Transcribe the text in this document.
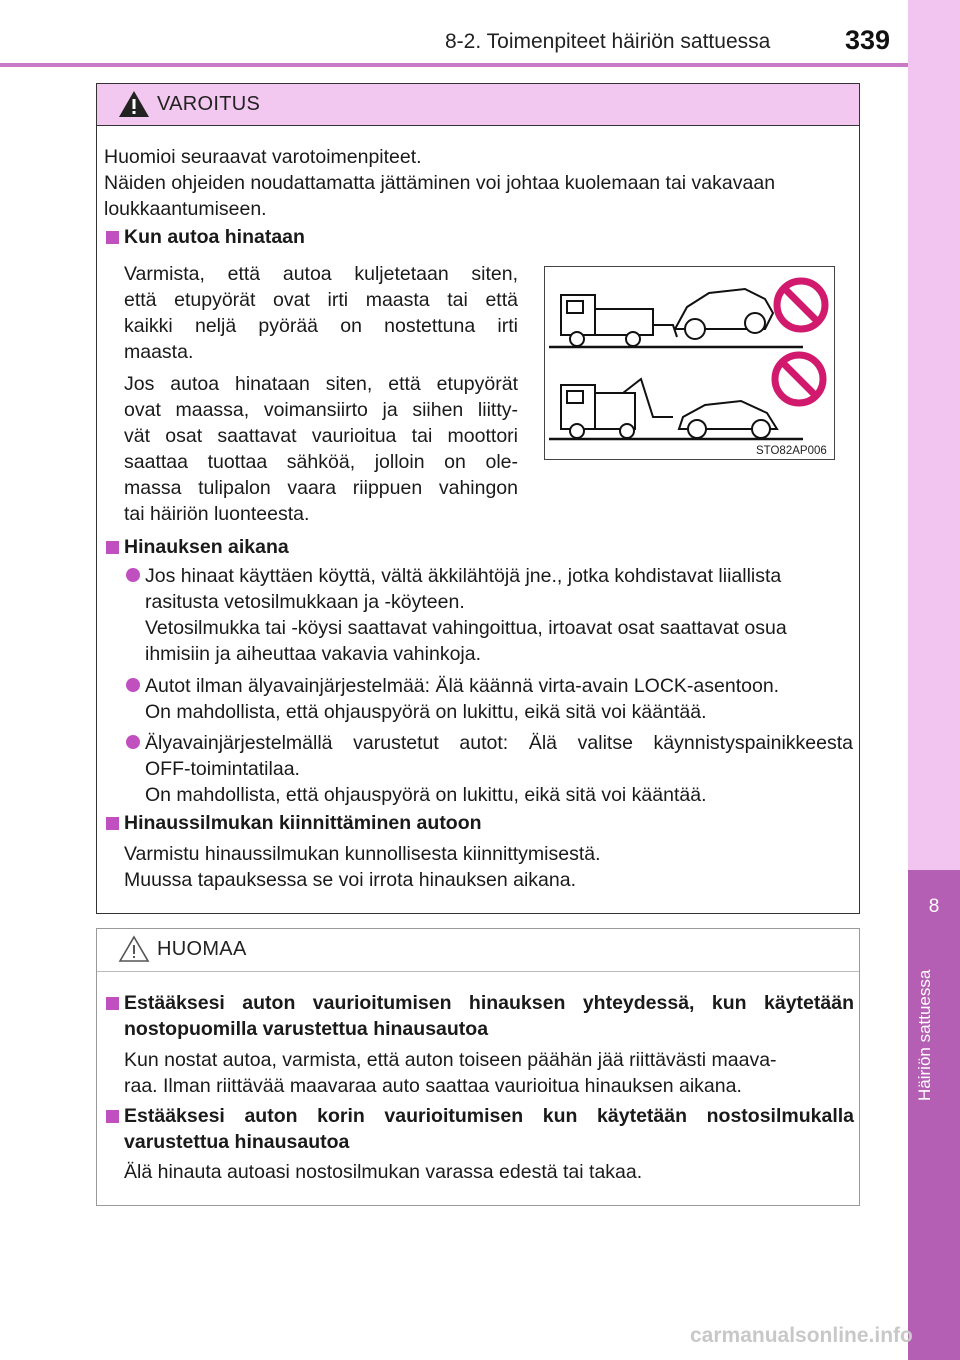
8-2. Toimenpiteet häiriön sattuessa	339
8
Häiriön sattuessa
VAROITUS
Huomioi seuraavat varotoimenpiteet.
Näiden ohjeiden noudattamatta jättäminen voi johtaa kuolemaan tai vakavaan
loukkaantumiseen.
Kun autoa hinataan
Varmista, että autoa kuljetetaan siten,
että etupyörät ovat irti maasta tai että
kaikki neljä pyörää on nostettuna irti
maasta.
Jos autoa hinataan siten, että etupyörät
ovat maassa, voimansiirto ja siihen liitty-
vät osat saattavat vaurioitua tai moottori
saattaa tuottaa sähköä, jolloin on ole-
massa tulipalon vaara riippuen vahingon
tai häiriön luonteesta.
STO82AP006
Hinauksen aikana
Jos hinaat käyttäen köyttä, vältä äkkilähtöjä jne., jotka kohdistavat liiallista
rasitusta vetosilmukkaan ja -köyteen.
Vetosilmukka tai -köysi saattavat vahingoittua, irtoavat osat saattavat osua
ihmisiin ja aiheuttaa vakavia vahinkoja.
Autot ilman älyavainjärjestelmää: Älä käännä virta-avain LOCK-asentoon.
On mahdollista, että ohjauspyörä on lukittu, eikä sitä voi kääntää.
Älyavainjärjestelmällä varustetut autot: Älä valitse käynnistyspainikkeesta
OFF-toimintatilaa.
On mahdollista, että ohjauspyörä on lukittu, eikä sitä voi kääntää.
Hinaussilmukan kiinnittäminen autoon
Varmistu hinaussilmukan kunnollisesta kiinnittymisestä.
Muussa tapauksessa se voi irrota hinauksen aikana.
HUOMAA
Estääksesi auton vaurioitumisen hinauksen yhteydessä, kun käytetään
nostopuomilla varustettua hinausautoa
Kun nostat autoa, varmista, että auton toiseen päähän jää riittävästi maava-
raa. Ilman riittävää maavaraa auto saattaa vaurioitua hinauksen aikana.
Estääksesi auton korin vaurioitumisen kun käytetään nostosilmukalla
varustettua hinausautoa
Älä hinauta autoasi nostosilmukan varassa edestä tai takaa.
carmanualsonline.info
